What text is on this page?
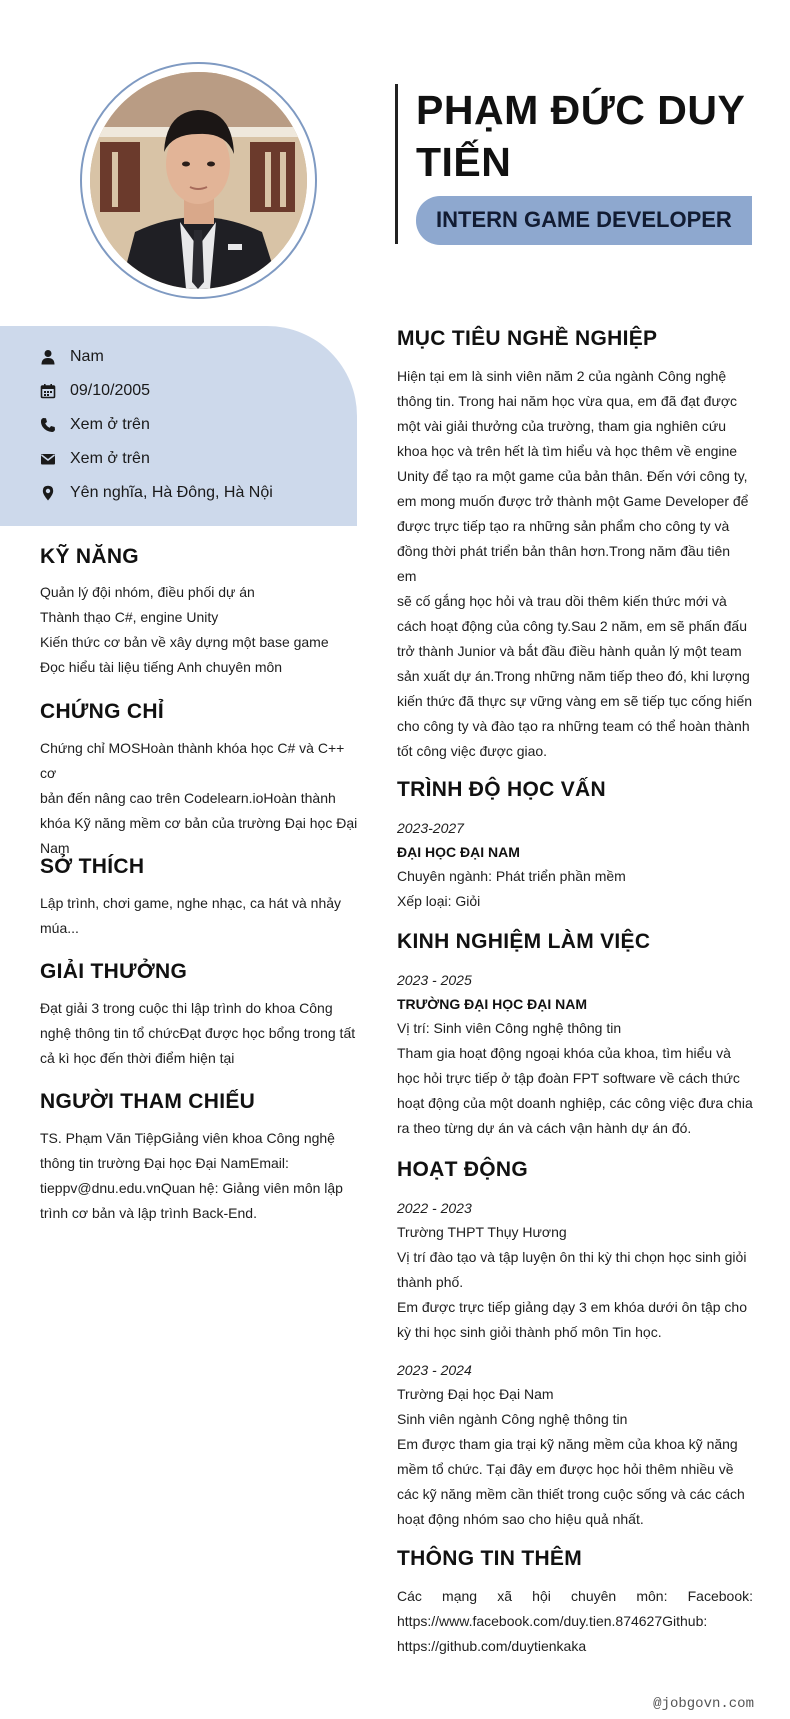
PHẠM ĐỨC DUY TIẾN
INTERN GAME DEVELOPER
Nam
09/10/2005
Xem ở trên
Xem ở trên
Yên nghĩa, Hà Đông, Hà Nội
KỸ NĂNG
Quản lý đội nhóm, điều phối dự án
Thành thạo C#, engine Unity
Kiến thức cơ bản về xây dựng một base game
Đọc hiểu tài liệu tiếng Anh chuyên môn
CHỨNG CHỈ
Chứng chỉ MOSHoàn thành khóa học C# và C++ cơ
bản đến nâng cao trên Codelearn.ioHoàn thành
khóa Kỹ năng mềm cơ bản của trường Đại học Đại
Nam
SỞ THÍCH
Lập trình, chơi game, nghe nhạc, ca hát và nhảy
múa...
GIẢI THƯỞNG
Đạt giải 3 trong cuộc thi lập trình do khoa Công
nghệ thông tin tổ chứcĐạt được học bổng trong tất
cả kì học đến thời điểm hiện tại
NGƯỜI THAM CHIẾU
TS. Phạm Văn TiệpGiảng viên khoa Công nghệ
thông tin trường Đại học Đại NamEmail:
tieppv@dnu.edu.vnQuan hệ: Giảng viên môn lập
trình cơ bản và lập trình Back-End.
MỤC TIÊU NGHỀ NGHIỆP
Hiện tại em là sinh viên năm 2 của ngành Công nghệ
thông tin. Trong hai năm học vừa qua, em đã đạt được
một vài giải thưởng của trường, tham gia nghiên cứu
khoa học và trên hết là tìm hiểu và học thêm về engine
Unity để tạo ra một game của bản thân. Đến với công ty,
em mong muốn được trở thành một Game Developer để
được trực tiếp tạo ra những sản phẩm cho công ty và
đồng thời phát triển bản thân hơn.Trong năm đầu tiên em
sẽ cố gắng học hỏi và trau dồi thêm kiến thức mới và
cách hoạt động của công ty.Sau 2 năm, em sẽ phấn đấu
trở thành Junior và bắt đầu điều hành quản lý một team
sản xuất dự án.Trong những năm tiếp theo đó, khi lượng
kiến thức đã thực sự vững vàng em sẽ tiếp tục cống hiến
cho công ty và đào tạo ra những team có thể hoàn thành
tốt công việc được giao.
TRÌNH ĐỘ HỌC VẤN
2023-2027
ĐẠI HỌC ĐẠI NAM
Chuyên ngành: Phát triển phần mềm
Xếp loại: Giỏi
KINH NGHIỆM LÀM VIỆC
2023 - 2025
TRƯỜNG ĐẠI HỌC ĐẠI NAM
Vị trí: Sinh viên Công nghệ thông tin
Tham gia hoạt động ngoại khóa của khoa, tìm hiểu và
học hỏi trực tiếp ở tập đoàn FPT software về cách thức
hoạt động của một doanh nghiệp, các công việc đưa chia
ra theo từng dự án và cách vận hành dự án đó.
HOẠT ĐỘNG
2022 - 2023
Trường THPT Thụy Hương
Vị trí đào tạo và tập luyện ôn thi kỳ thi chọn học sinh giỏi
thành phố.
Em được trực tiếp giảng dạy 3 em khóa dưới ôn tập cho
kỳ thi học sinh giỏi thành phố môn Tin học.
2023 - 2024
Trường Đại học Đại Nam
Sinh viên ngành Công nghệ thông tin
Em được tham gia trại kỹ năng mềm của khoa kỹ năng
mềm tổ chức. Tại đây em được học hỏi thêm nhiều về
các kỹ năng mềm cần thiết trong cuộc sống và các cách
hoạt động nhóm sao cho hiệu quả nhất.
THÔNG TIN THÊM
Các mạng xã hội chuyên môn: Facebook:
https://www.facebook.com/duy.tien.874627Github:
https://github.com/duytienkaka
@jobgovn.com
